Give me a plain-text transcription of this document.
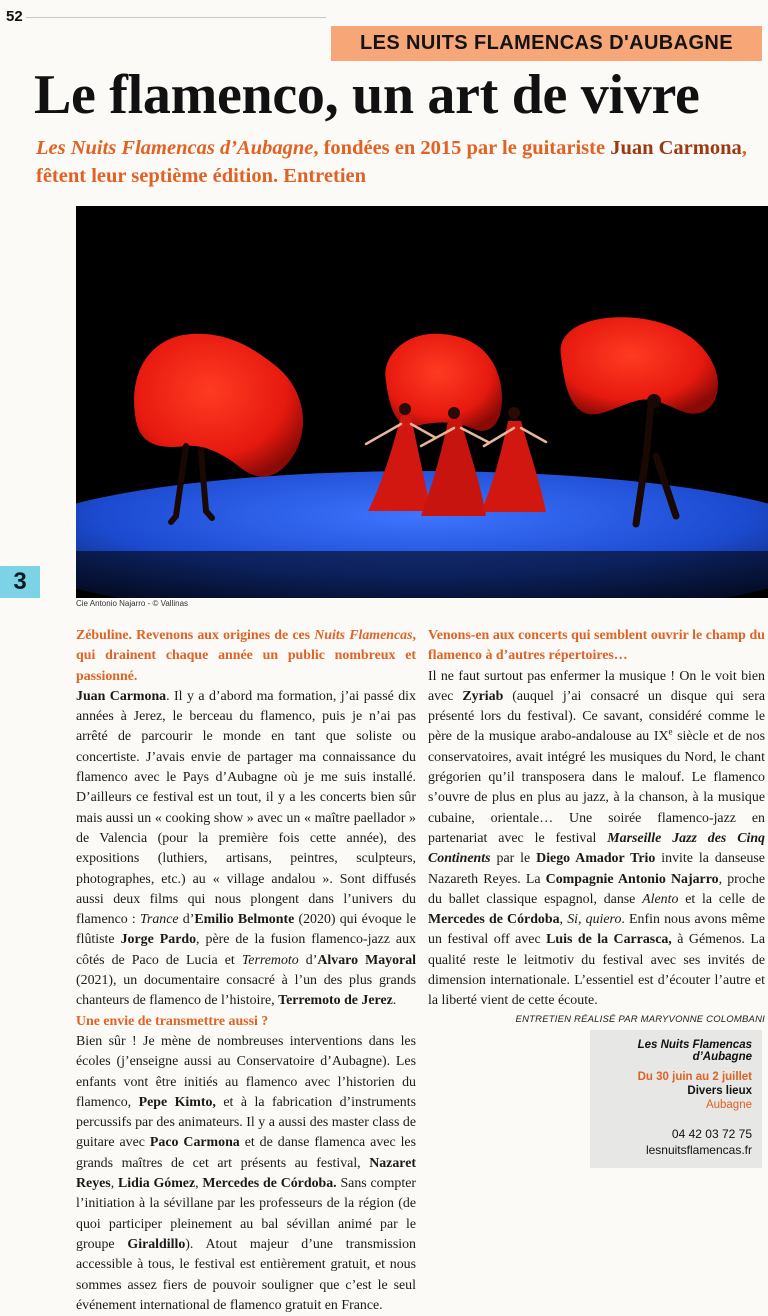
52
LES NUITS FLAMENCAS D'AUBAGNE
Le flamenco, un art de vivre

Les Nuits Flamencas d’Aubagne, fondées en 2015 par le guitariste Juan Carmona, fêtent leur septième édition. Entretien

Cie Antonio Najarro - © Vallinas
3

Zébuline. Revenons aux origines de ces Nuits Flamencas, qui drainent chaque année un public nombreux et passionné.

Juan Carmona. Il y a d’abord ma formation, j’ai passé dix années à Jerez, le berceau du flamenco, puis je n’ai pas arrêté de parcourir le monde en tant que soliste ou concertiste. J’avais envie de partager ma connaissance du flamenco avec le Pays d’Aubagne où je me suis installé. D’ailleurs ce festival est un tout, il y a les concerts bien sûr mais aussi un « cooking show » avec un « maître paellador » de Valencia (pour la première fois cette année), des expositions (luthiers, artisans, peintres, sculpteurs, photographes, etc.) au « village andalou ». Sont diffusés aussi deux films qui nous plongent dans l’univers du flamenco : Trance d’Emilio Belmonte (2020) qui évoque le flûtiste Jorge Pardo, père de la fusion flamenco-jazz aux côtés de Paco de Lucia et Terremoto d’Alvaro Mayoral (2021), un documentaire consacré à l’un des plus grands chanteurs de flamenco de l’histoire, Terremoto de Jerez.

Une envie de transmettre aussi ?

Bien sûr ! Je mène de nombreuses interventions dans les écoles (j’enseigne aussi au Conservatoire d’Aubagne). Les enfants vont être initiés au flamenco avec l’historien du flamenco, Pepe Kimto, et à la fabrication d’instruments percussifs par des animateurs. Il y a aussi des master class de guitare avec Paco Carmona et de danse flamenca avec les grands maîtres de cet art présents au festival, Nazaret Reyes, Lidia Gómez, Mercedes de Córdoba. Sans compter l’initiation à la sévillane par les professeurs de la région (de quoi participer pleinement au bal sévillan animé par le groupe Giraldillo). Atout majeur d’une transmission accessible à tous, le festival est entièrement gratuit, et nous sommes assez fiers de pouvoir souligner que c’est le seul événement international de flamenco gratuit en France.

Venons-en aux concerts qui semblent ouvrir le champ du flamenco à d’autres répertoires…

Il ne faut surtout pas enfermer la musique ! On le voit bien avec Zyriab (auquel j’ai consacré un disque qui sera présenté lors du festival). Ce savant, considéré comme le père de la musique arabo-andalouse au IXe siècle et de nos conservatoires, avait intégré les musiques du Nord, le chant grégorien qu’il transposera dans le malouf. Le flamenco s’ouvre de plus en plus au jazz, à la chanson, à la musique cubaine, orientale… Une soirée flamenco-jazz en partenariat avec le festival Marseille Jazz des Cinq Continents par le Diego Amador Trio invite la danseuse Nazareth Reyes. La Compagnie Antonio Najarro, proche du ballet classique espagnol, danse Alento et la celle de Mercedes de Córdoba, Si, quiero. Enfin nous avons même un festival off avec Luis de la Carrasca, à Gémenos. La qualité reste le leitmotiv du festival avec ses invités de dimension internationale. L’essentiel est d’écouter l’autre et la liberté vient de cette écoute.

ENTRETIEN RÉALISÉ PAR MARYVONNE COLOMBANI
Les Nuits Flamencas d’Aubagne
Du 30 juin au 2 juillet
Divers lieux
Aubagne
04 42 03 72 75
lesnuitsflamencas.fr
